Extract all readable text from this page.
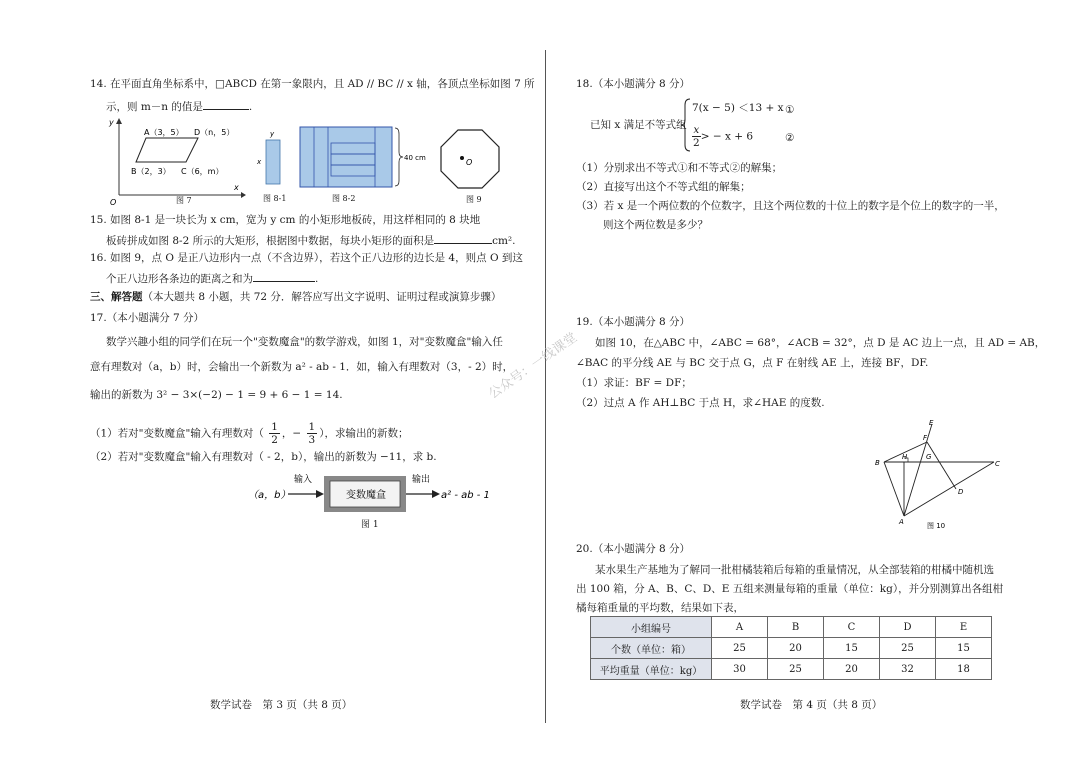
14. 在平面直角坐标系中，□ABCD 在第一象限内，且 AD // BC // x 轴，各顶点坐标如图 7 所
示，则 m－n 的值是	.
y
x
O
A（3，5） D（n，5）
B（2，3） C（6，m）
图 7
y
x
图 8-1
40 cm
图 8-2
O
图 9
15. 如图 8-1 是一块长为 x cm，宽为 y cm 的小矩形地板砖，用这样相同的 8 块地
板砖拼成如图 8-2 所示的大矩形，根据图中数据，每块小矩形的面积是	cm².
16. 如图 9，点 O 是正八边形内一点（不含边界），若这个正八边形的边长是 4，则点 O 到这
个正八边形各条边的距离之和为	.
三、解答题（本大题共 8 小题，共 72 分．解答应写出文字说明、证明过程或演算步骤）
17.（本小题满分 7 分）
数学兴趣小组的同学们在玩一个"变数魔盒"的数学游戏，如图 1，对"变数魔盒"输入任
意有理数对（a，b）时，会输出一个新数为 a² - ab - 1．如，输入有理数对（3，- 2）时，
输出的新数为 3² − 3×(−2) − 1 = 9 + 6 − 1 = 14.
（1）若对"变数魔盒"输入有理数对（ $\frac{1}{2}$ ，− $\frac{1}{3}$ ），求输出的新数；
（2）若对"变数魔盒"输入有理数对（ - 2，b），输出的新数为 −11，求 b.
（a，b）
输入
变数魔盒
输出
a² - ab - 1
图 1
数学试卷　第 3 页（共 8 页）
18.（本小题满分 8 分）
已知 x 满足不等式组
7(x − 5) ＜13 + x
$\frac{x}{2}$ > − x + 6
①
②
（1）分别求出不等式①和不等式②的解集；
（2）直接写出这个不等式组的解集；
（3）若 x 是一个两位数的个位数字，且这个两位数的十位上的数字是个位上的数字的一半，
则这个两位数是多少？
19.（本小题满分 8 分）
如图 10，在△ABC 中，∠ABC = 68°，∠ACB = 32°，点 D 是 AC 边上一点，且 AD = AB，
∠BAC 的平分线 AE 与 BC 交于点 G，点 F 在射线 AE 上，连接 BF，DF.
（1）求证：BF = DF；
（2）过点 A 作 AH⊥BC 于点 H，求∠HAE 的度数.
公众号：一线课堂
E
F
B
H	G
C
D
A	图 10
20.（本小题满分 8 分）
某水果生产基地为了解同一批柑橘装箱后每箱的重量情况，从全部装箱的柑橘中随机选
出 100 箱，分 A、B、C、D、E 五组来测量每箱的重量（单位：kg），并分别测算出各组柑
橘每箱重量的平均数，结果如下表，
小组编号	A	B	C	D	E
个数（单位：箱）	25	20	15	25	15
平均重量（单位：kg）	30	25	20	32	18
数学试卷　第 4 页（共 8 页）
